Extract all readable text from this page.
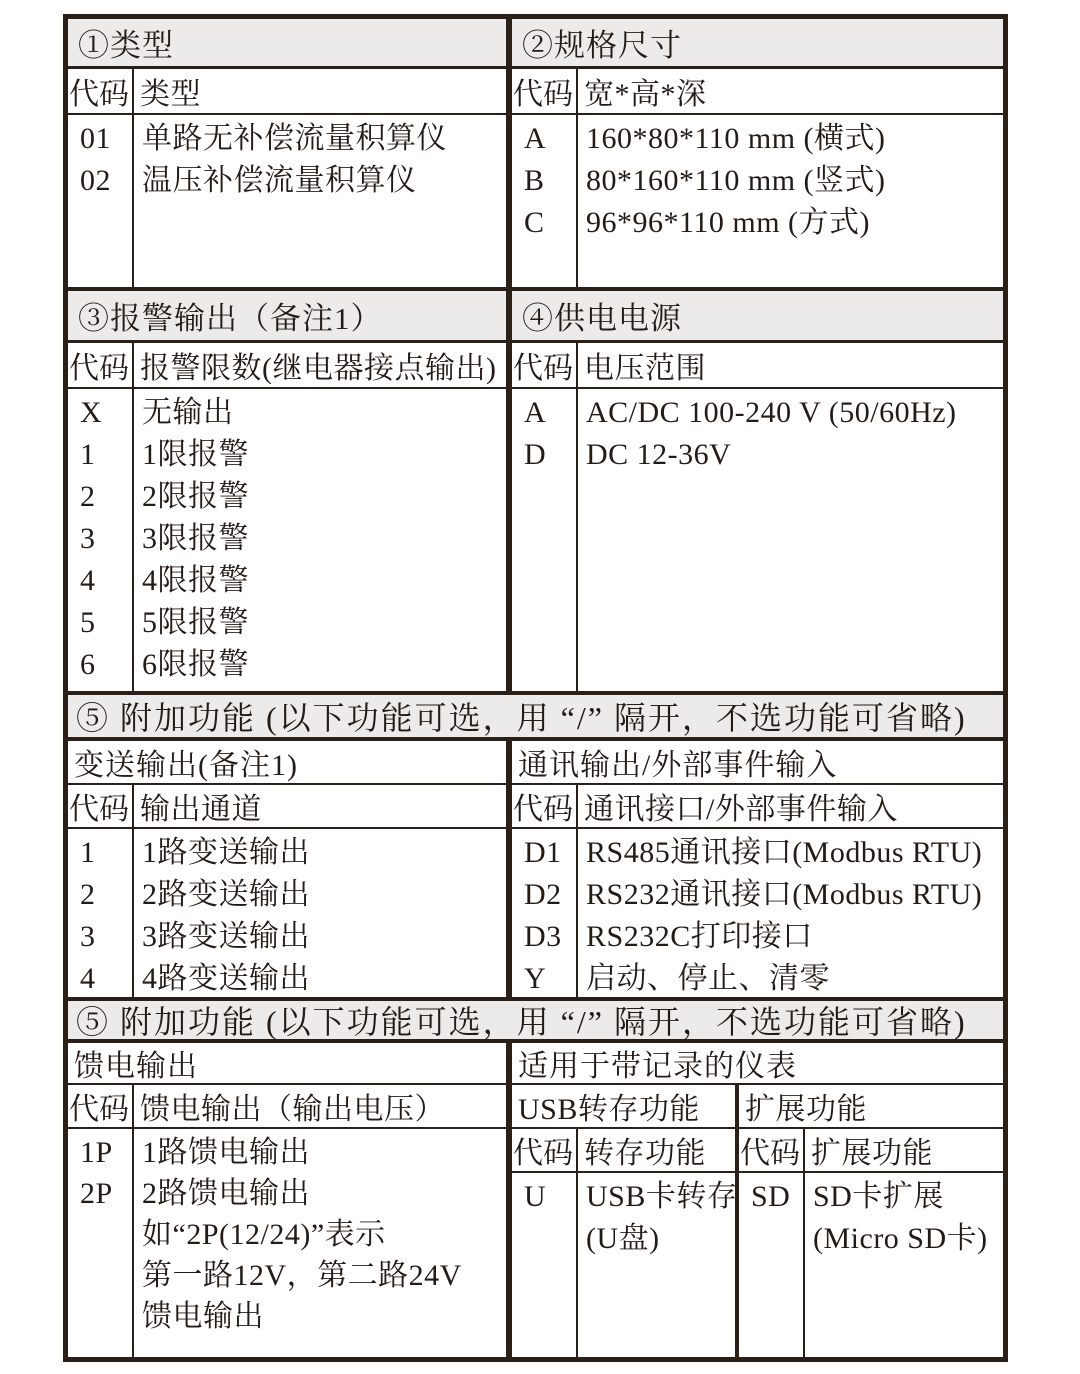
①类型
代码 类型
01
02
单路无补偿流量积算仪
温压补偿流量积算仪
②规格尺寸
代码 宽*高*深
A
B
C
160*80*110 mm (横式)
80*160*110 mm (竖式)
96*96*110 mm (方式)
③报警输出（备注1）
代码 报警限数(继电器接点输出)
X
1
2
3
4
5
6
无输出
1限报警
2限报警
3限报警
4限报警
5限报警
6限报警
④供电电源
代码 电压范围
A
D
AC/DC 100-240 V (50/60Hz)
DC 12-36V
⑤ 附加功能 (以下功能可选，用 “/” 隔开，不选功能可省略)
变送输出(备注1)
代码 输出通道
1
2
3
4
1路变送输出
2路变送输出
3路变送输出
4路变送输出
通讯输出/外部事件输入
代码 通讯接口/外部事件输入
D1
D2
D3
Y
RS485通讯接口(Modbus RTU)
RS232通讯接口(Modbus RTU)
RS232C打印接口
启动、停止、清零
⑤ 附加功能 (以下功能可选，用 “/” 隔开，不选功能可省略)
馈电输出
代码 馈电输出（输出电压）
1P
2P
1路馈电输出
2路馈电输出
如“2P(12/24)”表示
第一路12V，第二路24V
馈电输出
适用于带记录的仪表
USB转存功能
代码 转存功能
U	USB卡转存
(U盘)
扩展功能
代码 扩展功能
SD SD卡扩展
(Micro SD卡)
